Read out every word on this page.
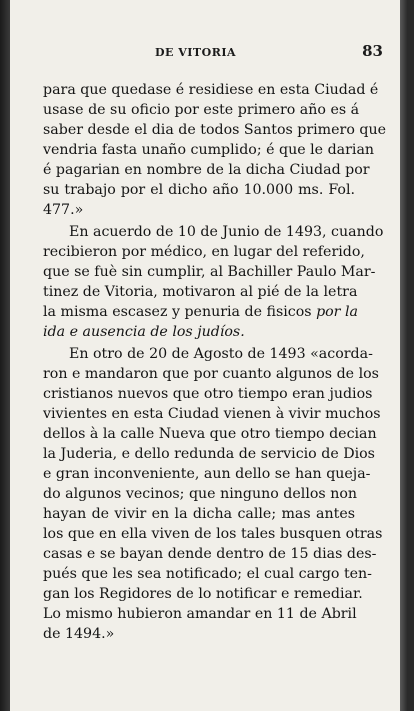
DE VITORIA	83
para que quedase é residiese en esta Ciudad é
usase de su oficio por este primero año es á
saber desde el dia de todos Santos primero que
vendria fasta unaño cumplido; é que le darian
é pagarian en nombre de la dicha Ciudad por
su trabajo por el dicho año 10.000 ms. Fol.
477.»
En acuerdo de 10 de Junio de 1493, cuando
recibieron por médico, en lugar del referido,
que se fuè sin cumplir, al Bachiller Paulo Mar-
tinez de Vitoria, motivaron al pié de la letra
la misma escasez y penuria de fisicos por la
ida e ausencia de los judíos.
En otro de 20 de Agosto de 1493 «acorda-
ron e mandaron que por cuanto algunos de los
cristianos nuevos que otro tiempo eran judios
vivientes en esta Ciudad vienen à vivir muchos
dellos à la calle Nueva que otro tiempo decian
la Juderia, e dello redunda de servicio de Dios
e gran inconveniente, aun dello se han queja-
do algunos vecinos; que ninguno dellos non
hayan de vivir en la dicha calle; mas antes
los que en ella viven de los tales busquen otras
casas e se bayan dende dentro de 15 dias des-
pués que les sea notificado; el cual cargo ten-
gan los Regidores de lo notificar e remediar.
Lo mismo hubieron amandar en 11 de Abril
de 1494.»
